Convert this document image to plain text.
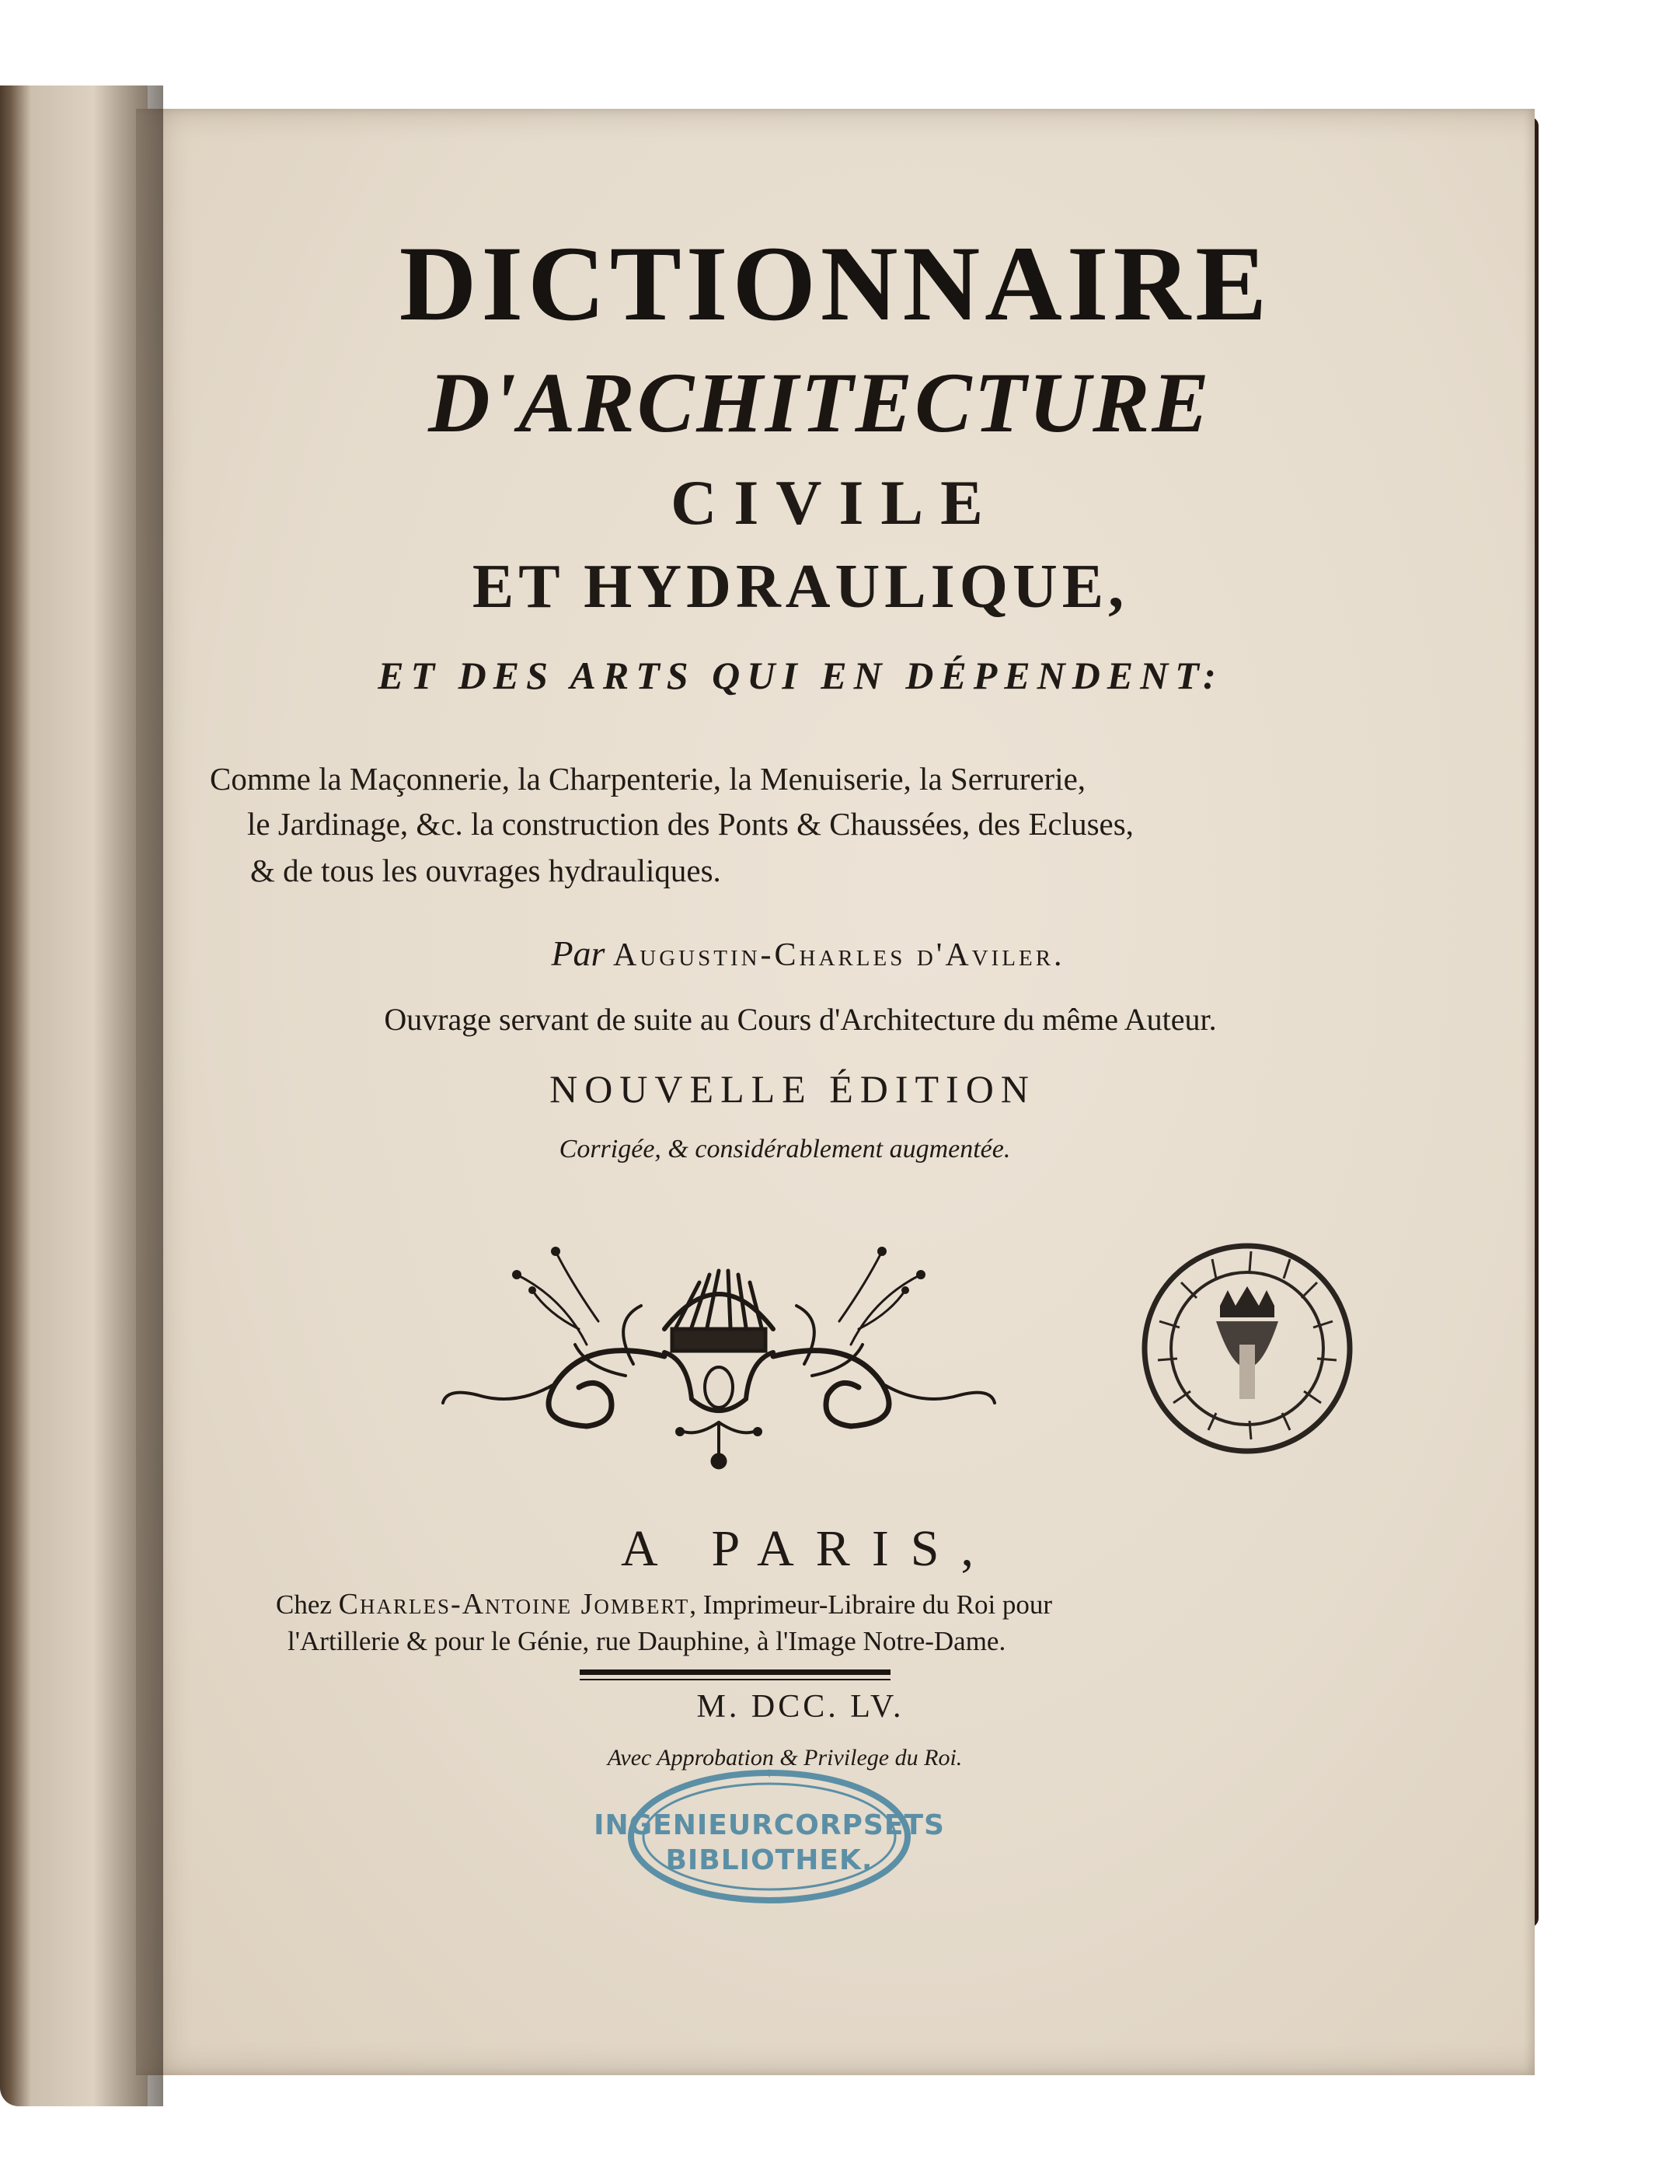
DICTIONNAIRE

D'ARCHITECTURE

CIVILE

ET HYDRAULIQUE,

ET DES ARTS QUI EN DÉPENDENT:

Comme la Maçonnerie, la Charpenterie, la Menuiserie, la Serrurerie,

le Jardinage, &c. la construction des Ponts & Chaussées, des Ecluses,

& de tous les ouvrages hydrauliques.

Par Augustin-Charles d'Aviler.

Ouvrage servant de suite au Cours d'Architecture du même Auteur.

NOUVELLE ÉDITION

Corrigée, & considérablement augmentée.

A PARIS,

Chez Charles-Antoine Jombert, Imprimeur-Libraire du Roi pour

l'Artillerie & pour le Génie, rue Dauphine, à l'Image Notre-Dame.

M. DCC. LV.

Avec Approbation & Privilege du Roi.

*
INGENIEURCORPSETS
BIBLIOTHEK.
